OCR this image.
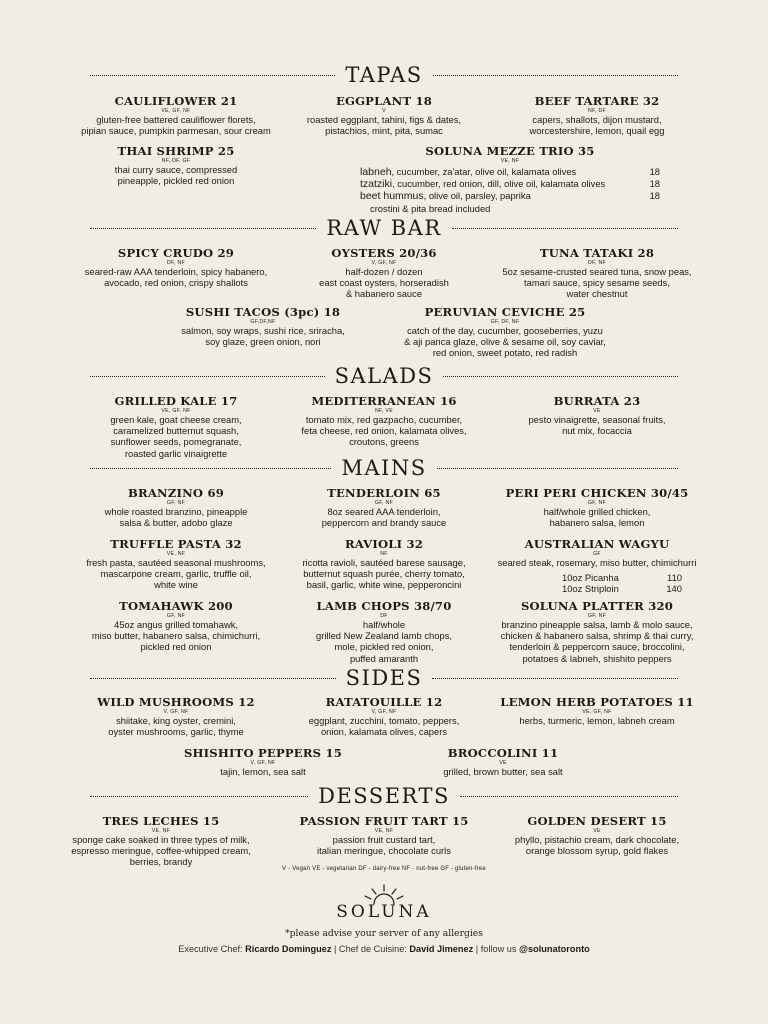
TAPAS
CAULIFLOWER 21
VE, GF, NF
gluten-free battered cauliflower florets,
pipian sauce, pumpkin parmesan, sour cream
EGGPLANT 18
V
roasted eggplant, tahini, figs & dates,
pistachios, mint, pita, sumac
BEEF TARTARE 32
NF, DF
capers, shallots, dijon mustard,
worcestershire, lemon, quail egg
THAI SHRIMP 25
NF, DF, GF
thai curry sauce, compressed
pineapple, pickled red onion
SOLUNA MEZZE TRIO 35
VE, NF
labneh, cucumber, za'atar, olive oil, kalamata olives	18
tzatziki, cucumber, red onion, dill, olive oil, kalamata olives	18
beet hummus, olive oil, parsley, paprika	18
crostini & pita bread included
RAW BAR
SPICY CRUDO 29
DF, NF
seared-raw AAA tenderloin, spicy habanero,
avocado, red onion, crispy shallots
OYSTERS 20/36
V, GF, NF
half-dozen / dozen
east coast oysters, horseradish
& habanero sauce
TUNA TATAKI 28
DF, NF
5oz sesame-crusted seared tuna, snow peas,
tamari sauce, spicy sesame seeds,
water chestnut
SUSHI TACOS (3pc) 18
GF,DF,NF
salmon, soy wraps, sushi rice, sriracha,
soy glaze, green onion, nori
PERUVIAN CEVICHE 25
GF, DF, NF
catch of the day, cucumber, gooseberries, yuzu
& aji panca glaze, olive & sesame oil, soy caviar,
red onion, sweet potato, red radish
SALADS
GRILLED KALE 17
VE, GF, NF
green kale, goat cheese cream,
caramelized butternut squash,
sunflower seeds, pomegranate,
roasted garlic vinaigrette
MEDITERRANEAN 16
NF, VE
tomato mix, red gazpacho, cucumber,
feta cheese, red onion, kalamata olives,
croutons, greens
BURRATA 23
VE
pesto vinaigrette, seasonal fruits,
nut mix, focaccia
MAINS
BRANZINO 69
GF, NF
whole roasted branzino, pineapple
salsa & butter, adobo glaze
TENDERLOIN 65
GF, NF
8oz seared AAA tenderloin,
peppercorn and brandy sauce
PERI PERI CHICKEN 30/45
GF, NF
half/whole grilled chicken,
habanero salsa, lemon
TRUFFLE PASTA 32
VE, NF
fresh pasta, sautéed seasonal mushrooms,
mascarpone cream, garlic, truffle oil,
white wine
RAVIOLI 32
NF
ricotta ravioli, sautéed barese sausage,
butternut squash purée, cherry tomato,
basil, garlic, white wine, pepperoncini
AUSTRALIAN WAGYU
GF
seared steak, rosemary, miso butter, chimichurri
10oz Picanha	110
10oz Striploin	140
TOMAHAWK 200
GF, NF
45oz angus grilled tomahawk,
miso butter, habanero salsa, chimichurri,
pickled red onion
LAMB CHOPS 38/70
DF
half/whole
grilled New Zealand lamb chops,
mole, pickled red onion,
puffed amaranth
SOLUNA PLATTER 320
GF, NF
branzino pineapple salsa, lamb & molo sauce,
chicken & habanero salsa, shrimp & thai curry,
tenderloin & peppercorn sauce, broccolini,
potatoes & labneh, shishito peppers
SIDES
WILD MUSHROOMS 12
V, GF, NF
shiitake, king oyster, cremini,
oyster mushrooms, garlic, thyme
RATATOUILLE 12
V, GF, NF
eggplant, zucchini, tomato, peppers,
onion, kalamata olives, capers
LEMON HERB POTATOES 11
VE, GF, NF
herbs, turmeric, lemon, labneh cream
SHISHITO PEPPERS 15
V, GF, NF
tajin, lemon, sea salt
BROCCOLINI 11
VE
grilled, brown butter, sea salt
DESSERTS
TRES LECHES 15
VE, NF
sponge cake soaked in three types of milk,
espresso meringue, coffee-whipped cream,
berries, brandy
PASSION FRUIT TART 15
VE, NF
passion fruit custard tart,
italian meringue, chocolate curls
GOLDEN DESERT 15
VE
phyllo, pistachio cream, dark chocolate,
orange blossom syrup, gold flakes
V - Vegan VE - vegetarian DF - dairy-free NF - nut-free GF - gluten-free
SOLUNA
*please advise your server of any allergies
Executive Chef: Ricardo Dominguez | Chef de Cuisine: David Jimenez | follow us @solunatoronto
